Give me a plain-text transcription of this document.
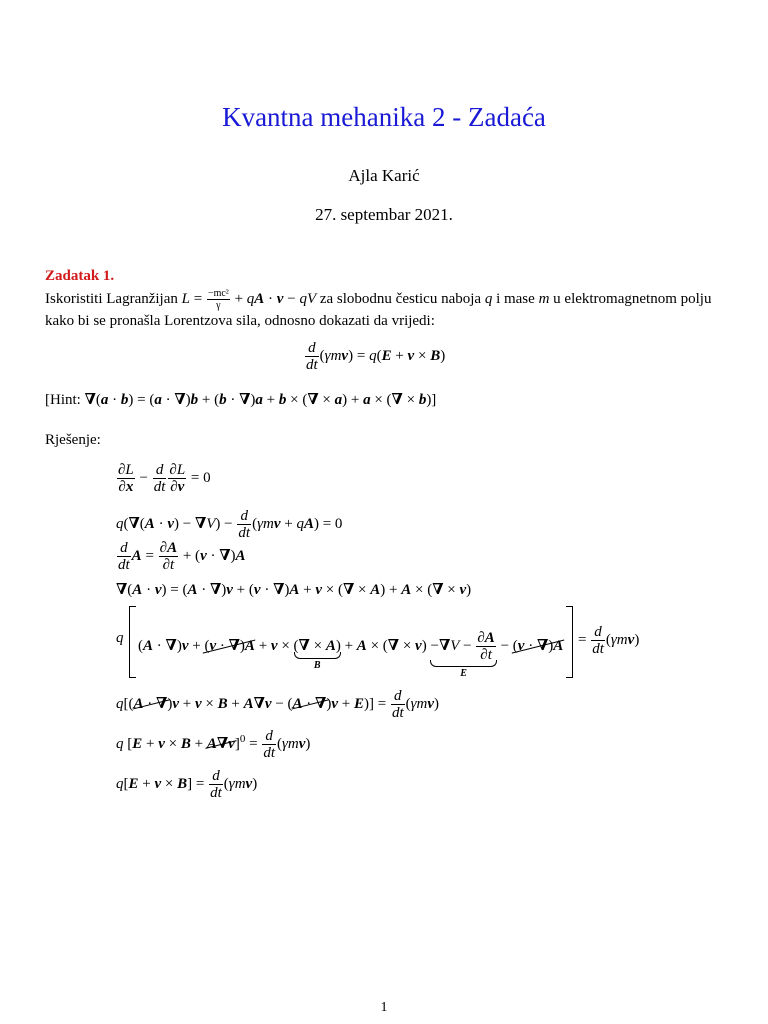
Kvantna mehanika 2 - Zadaća
Ajla Karić
27. septembar 2021.
Zadatak 1.
Iskoristiti Lagranžijan $L = \frac{\text{−mc²}}{\gamma}$ + qA · v − qV za slobodnu česticu naboja q i mase m u elektromagnetnom polju
kako bi se pronašla Lorentzova sila, odnosno dokazati da vrijedi:
$\frac{d}{dt} (\gamma mv) = q(E + v \times B)$
[Hint: ∇(a · b) = (a · ∇)b + (b · ∇)a + b × (∇ × a) + a × (∇ × b)]
Rješenje:
$\frac{\partial L}{\partial x} - \frac{d}{dt} \frac{\partial L}{\partial v} = 0$
$q(\nabla(A \cdot v) - \nabla V) - \frac{d}{dt} (\gamma mv + qA) = 0$
$\frac{d}{dt}$ $A = \frac{\partial A}{\partial t} + (v \cdot \nabla)A$
∇(A · v) = (A · ∇)v + (v · ∇)A + v × (∇ × A) + A × (∇ × v)
q (A · ∇)v + (v · ∇)A + v × (∇ × A)
B
+ A × (∇ × $v) -\nabla V - \frac{\partial A}{\partial t}$
E
− $(v \cdot \nabla)A = \frac{d}{dt} (\gamma mv)$
$q[(A \cdot \nabla)v + v \times B + A\nabla v - (A \cdot \nabla)v + E)] = \frac{d}{dt} (\gamma mv)$
q $[E + v \times B + A\nabla v]^0 = \frac{d}{dt} (\gamma mv)$
$q[E + v \times B] = \frac{d}{dt} (\gamma mv)$
1
